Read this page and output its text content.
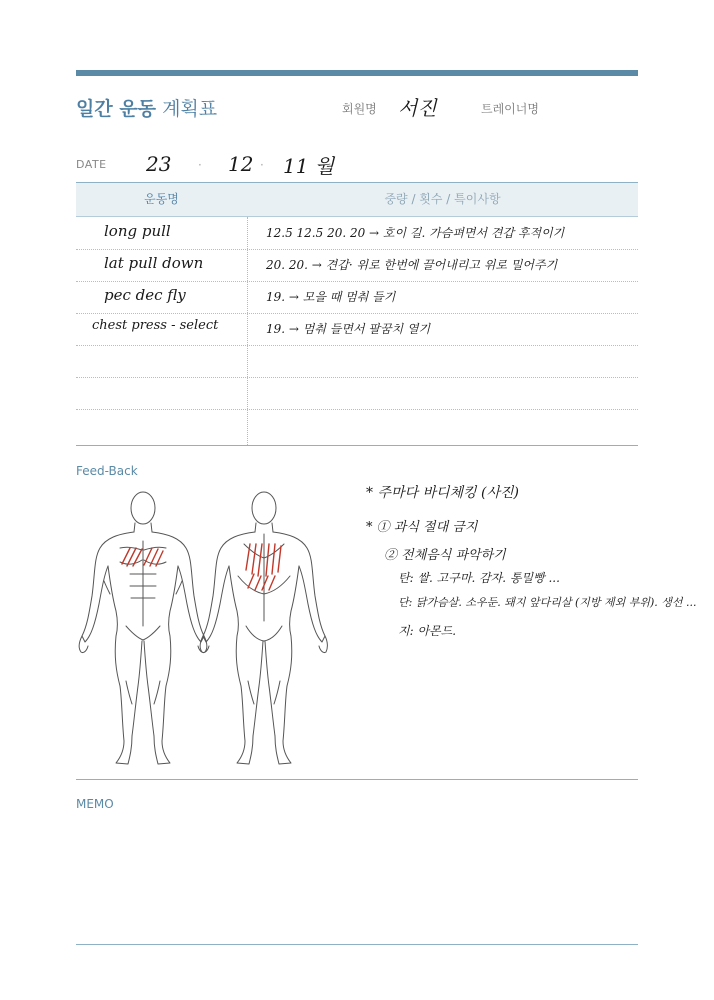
일간 운동 계획표	회원명 서진	트레이너명
DATE 23 · 12 · 11 월
운동명	중량 / 횟수 / 특이사항
long pull	12.5 12.5 20. 20 → 호이 길. 가슴펴면서 견갑 후적이기
lat pull down	20. 20. → 견갑· 위로 한번에 끌어내리고 위로 밀어주기
pec dec fly	19. → 모을 때 멈춰 들기
chest press - select	19. → 멈춰 들면서 팔꿈치 열기
Feed-Back
* 주마다 바디체킹 (사진)
* ① 과식 절대 금지
② 전체음식 파악하기
탄: 쌀. 고구마. 감자. 통밀빵 ...
단: 닭가슴살. 소우둔. 돼지 앞다리살 (지방 제외 부위). 생선 ...
지: 아몬드.
MEMO
